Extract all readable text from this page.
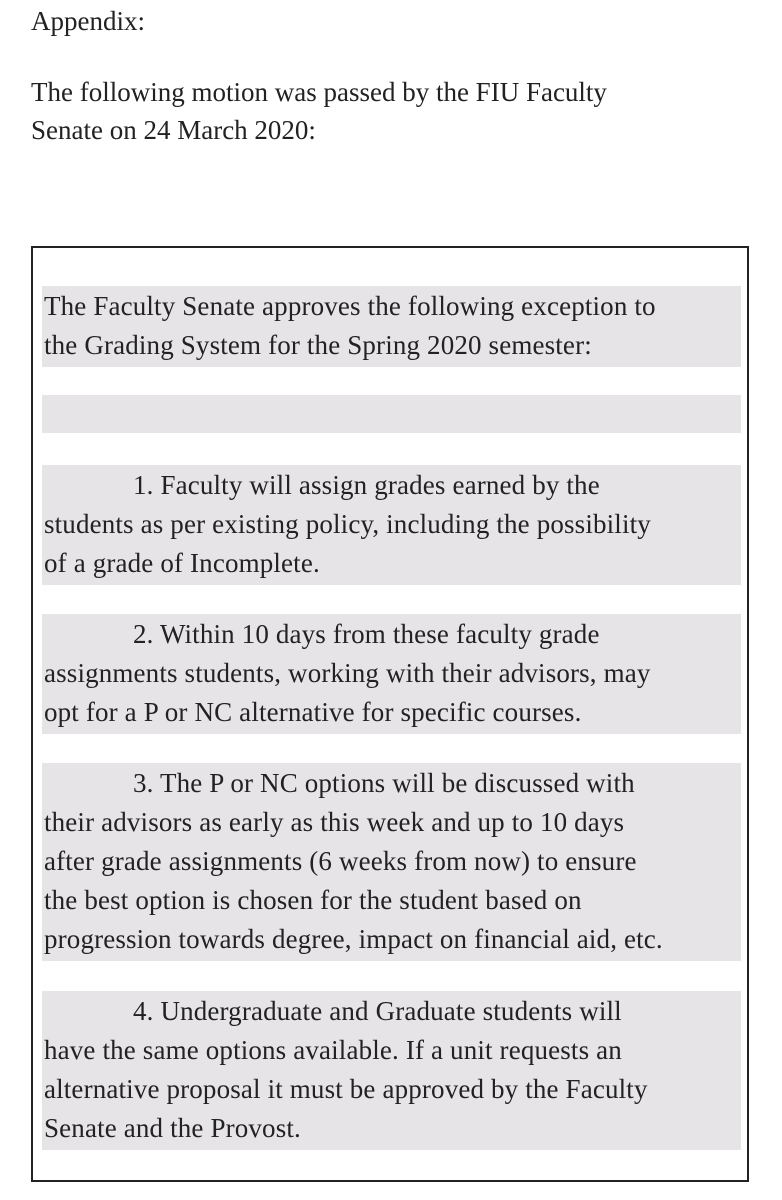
Appendix:

The following motion was passed by the FIU Faculty
Senate on 24 March 2020:

The Faculty Senate approves the following exception to
the Grading System for the Spring 2020 semester:

1. Faculty will assign grades earned by the
students as per existing policy, including the possibility
of a grade of Incomplete.

2. Within 10 days from these faculty grade
assignments students, working with their advisors, may
opt for a P or NC alternative for specific courses.

3. The P or NC options will be discussed with
their advisors as early as this week and up to 10 days
after grade assignments (6 weeks from now) to ensure
the best option is chosen for the student based on
progression towards degree, impact on financial aid, etc.

4. Undergraduate and Graduate students will
have the same options available. If a unit requests an
alternative proposal it must be approved by the Faculty
Senate and the Provost.
